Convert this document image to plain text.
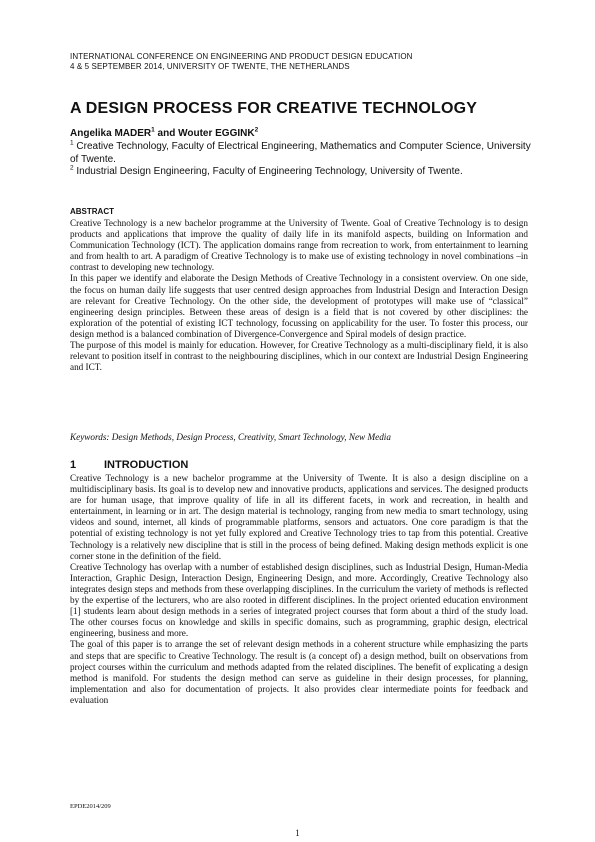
INTERNATIONAL CONFERENCE ON ENGINEERING AND PRODUCT DESIGN EDUCATION
4 & 5 SEPTEMBER 2014, UNIVERSITY OF TWENTE, THE NETHERLANDS
A DESIGN PROCESS FOR CREATIVE TECHNOLOGY
Angelika MADER$^1$ and Wouter EGGINK$^2$
$^1$ Creative Technology, Faculty of Electrical Engineering, Mathematics and Computer Science, University of Twente.
$^2$ Industrial Design Engineering, Faculty of Engineering Technology, University of Twente.
ABSTRACT

Creative Technology is a new bachelor programme at the University of Twente. Goal of Creative Technology is to design products and applications that improve the quality of daily life in its manifold aspects, building on Information and Communication Technology (ICT). The application domains range from recreation to work, from entertainment to learning and from health to art. A paradigm of Creative Technology is to make use of existing technology in novel combinations –in contrast to developing new technology.

In this paper we identify and elaborate the Design Methods of Creative Technology in a consistent overview. On one side, the focus on human daily life suggests that user centred design approaches from Industrial Design and Interaction Design are relevant for Creative Technology. On the other side, the development of prototypes will make use of “classical” engineering design principles. Between these areas of design is a field that is not covered by other disciplines: the exploration of the potential of existing ICT technology, focussing on applicability for the user. To foster this process, our design method is a balanced combination of Divergence-Convergence and Spiral models of design practice.

The purpose of this model is mainly for education. However, for Creative Technology as a multi-disciplinary field, it is also relevant to position itself in contrast to the neighbouring disciplines, which in our context are Industrial Design Engineering and ICT.

Keywords: Design Methods, Design Process, Creativity, Smart Technology, New Media
1	INTRODUCTION

Creative Technology is a new bachelor programme at the University of Twente. It is also a design discipline on a multidisciplinary basis. Its goal is to develop new and innovative products, applications and services. The designed products are for human usage, that improve quality of life in all its different facets, in work and recreation, in health and entertainment, in learning or in art. The design material is technology, ranging from new media to smart technology, using videos and sound, internet, all kinds of programmable platforms, sensors and actuators. One core paradigm is that the potential of existing technology is not yet fully explored and Creative Technology tries to tap from this potential. Creative Technology is a relatively new discipline that is still in the process of being defined. Making design methods explicit is one corner stone in the definition of the field.

Creative Technology has overlap with a number of established design disciplines, such as Industrial Design, Human-Media Interaction, Graphic Design, Interaction Design, Engineering Design, and more. Accordingly, Creative Technology also integrates design steps and methods from these overlapping disciplines. In the curriculum the variety of methods is reflected by the expertise of the lecturers, who are also rooted in different disciplines. In the project oriented education environment [1] students learn about design methods in a series of integrated project courses that form about a third of the study load. The other courses focus on knowledge and skills in specific domains, such as programming, graphic design, electrical engineering, business and more.

The goal of this paper is to arrange the set of relevant design methods in a coherent structure while emphasizing the parts and steps that are specific to Creative Technology. The result is (a concept of) a design method, built on observations from project courses within the curriculum and methods adapted from the related disciplines. The benefit of explicating a design method is manifold. For students the design method can serve as guideline in their design processes, for planning, implementation and also for documentation of projects. It also provides clear intermediate points for feedback and evaluation

EPDE2014/209
1
